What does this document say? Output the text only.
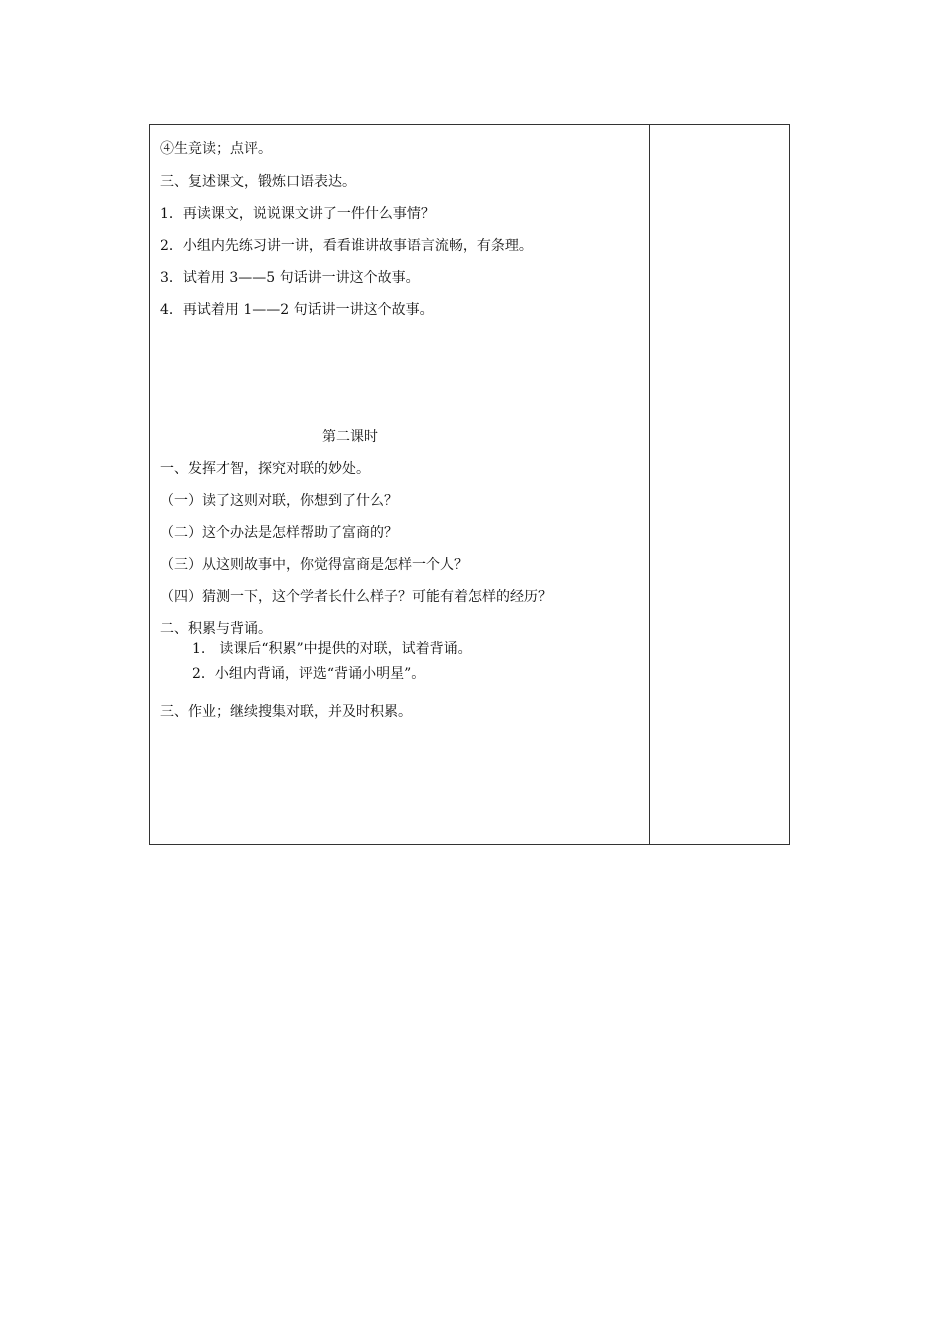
④生竞读；点评。
三、复述课文，锻炼口语表达。
1．再读课文，说说课文讲了一件什么事情？
2．小组内先练习讲一讲，看看谁讲故事语言流畅，有条理。
3．试着用 3——5 句话讲一讲这个故事。
4．再试着用 1——2 句话讲一讲这个故事。
第二课时
一、发挥才智，探究对联的妙处。
（一）读了这则对联，你想到了什么？
（二）这个办法是怎样帮助了富商的？
（三）从这则故事中，你觉得富商是怎样一个人？
（四）猜测一下，这个学者长什么样子？可能有着怎样的经历？
二、积累与背诵。
1.　读课后“积累”中提供的对联，试着背诵。
2．小组内背诵，评选“背诵小明星”。
三、作业；继续搜集对联，并及时积累。
